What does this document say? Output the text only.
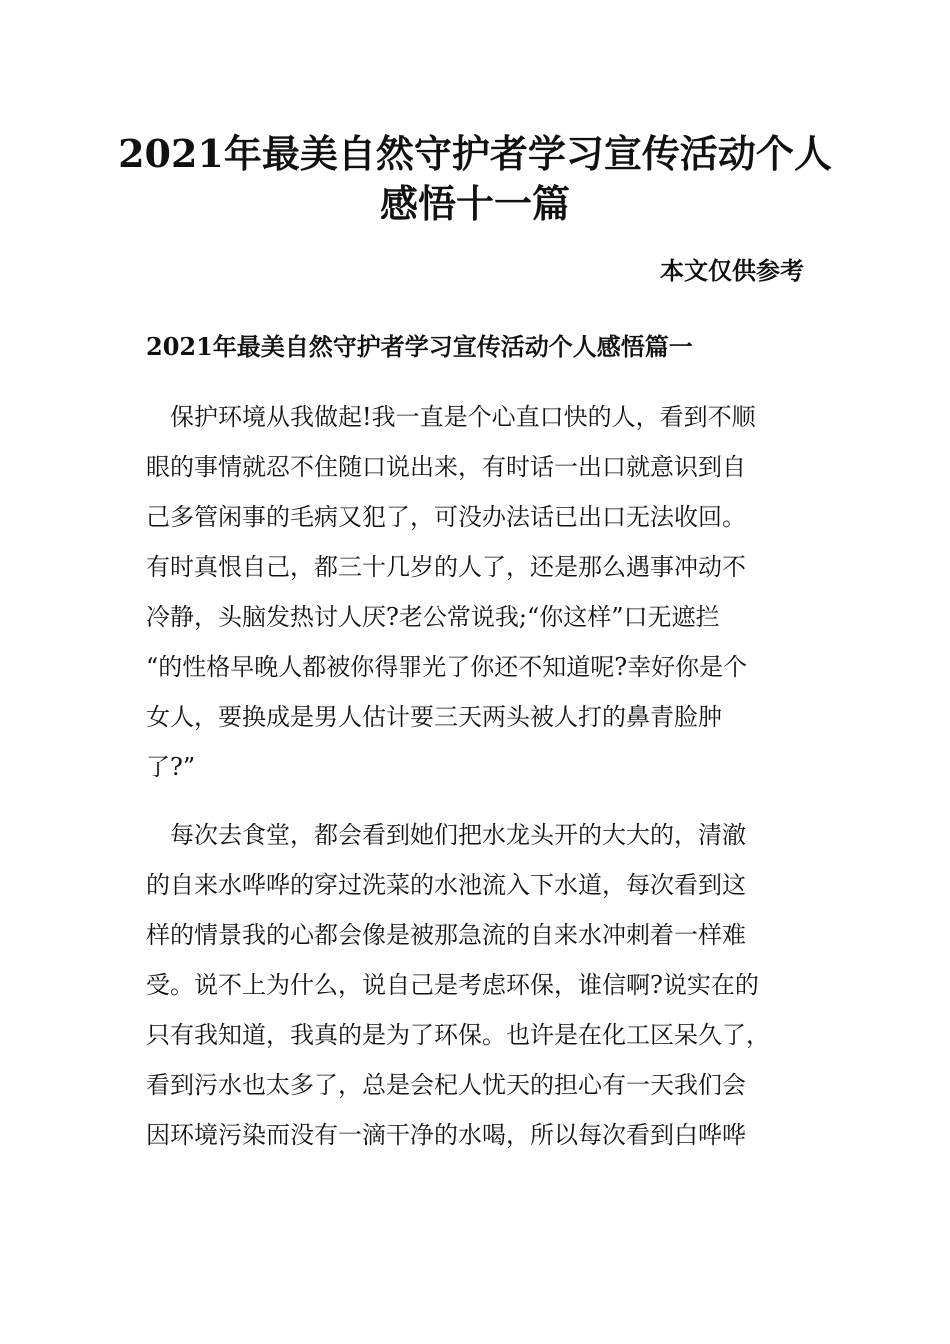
2021年最美自然守护者学习宣传活动个人
感悟十一篇
本文仅供参考
2021年最美自然守护者学习宣传活动个人感悟篇一
　保护环境从我做起!我一直是个心直口快的人，看到不顺
眼的事情就忍不住随口说出来，有时话一出口就意识到自
己多管闲事的毛病又犯了，可没办法话已出口无法收回。
有时真恨自己，都三十几岁的人了，还是那么遇事冲动不
冷静，头脑发热讨人厌?老公常说我;“你这样”口无遮拦
“的性格早晚人都被你得罪光了你还不知道呢?幸好你是个
女人，要换成是男人估计要三天两头被人打的鼻青脸肿
了?”
　每次去食堂，都会看到她们把水龙头开的大大的，清澈
的自来水哗哗的穿过洗菜的水池流入下水道，每次看到这
样的情景我的心都会像是被那急流的自来水冲刺着一样难
受。说不上为什么，说自己是考虑环保，谁信啊?说实在的
只有我知道，我真的是为了环保。也许是在化工区呆久了，
看到污水也太多了，总是会杞人忧天的担心有一天我们会
因环境污染而没有一滴干净的水喝，所以每次看到白哗哗
